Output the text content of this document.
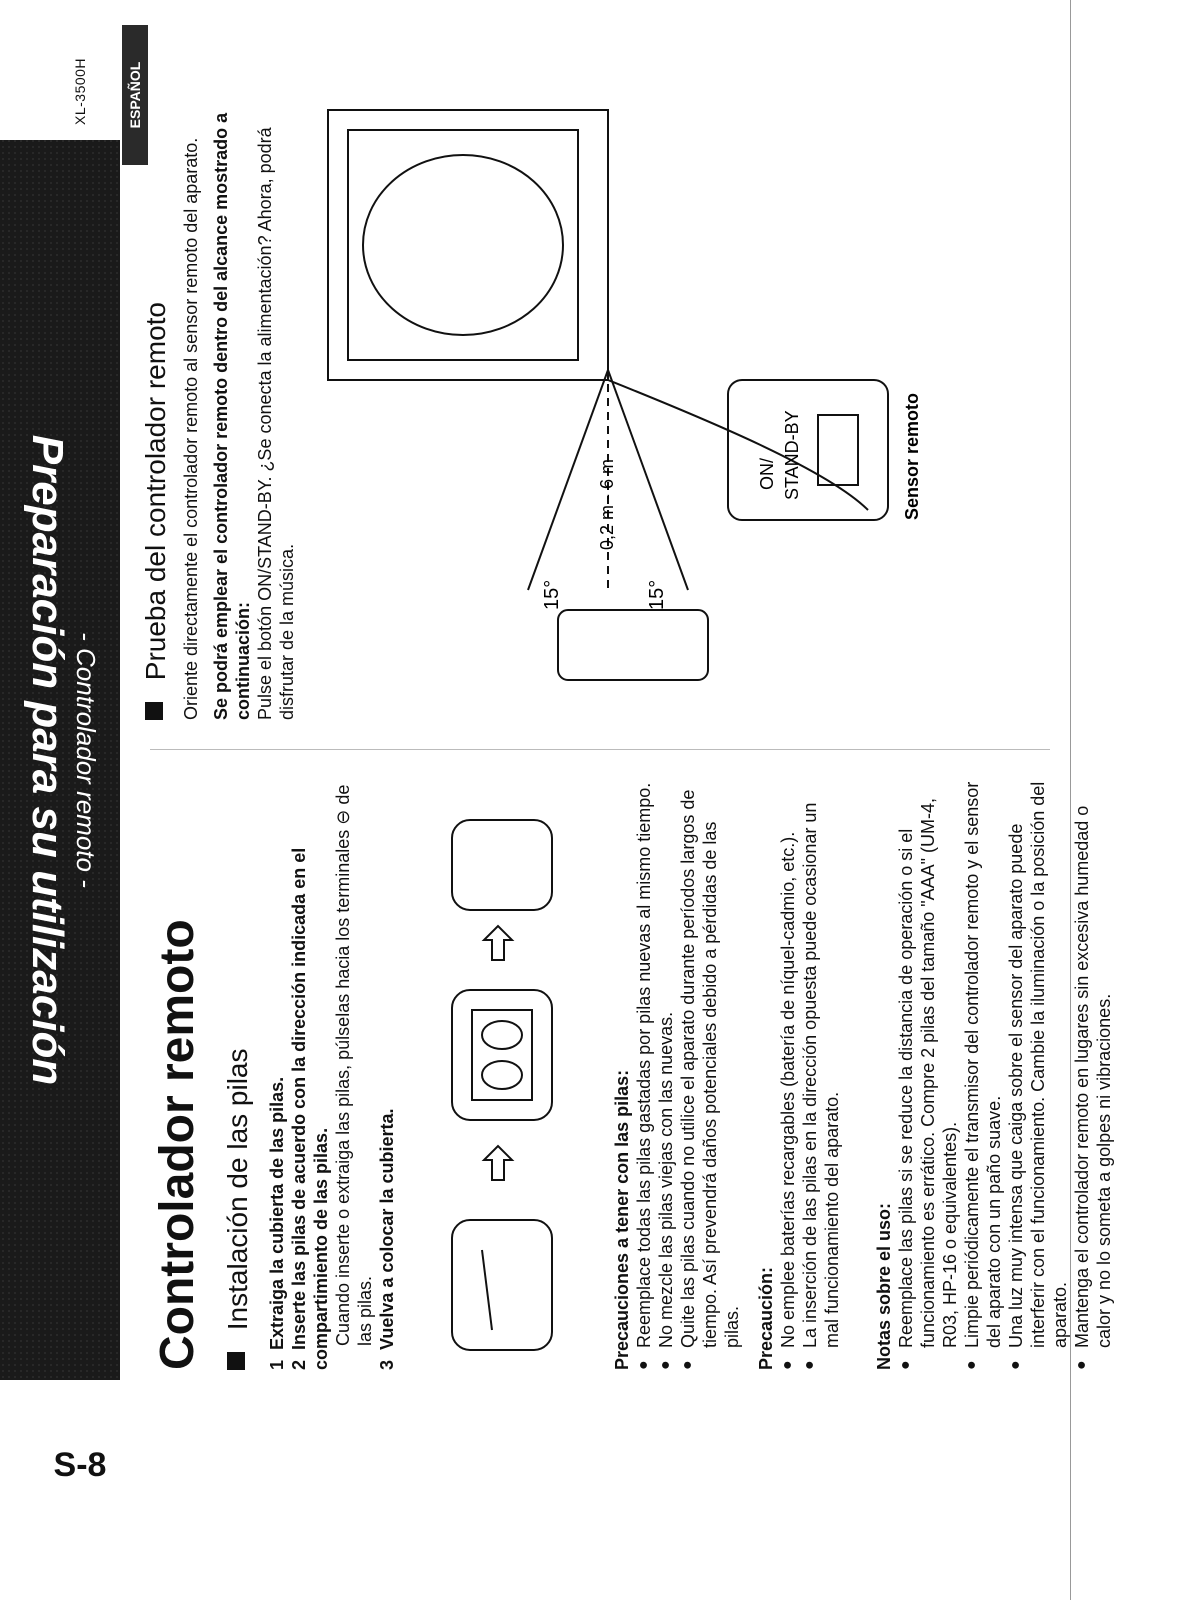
Preparación para su utilización - Controlador remoto -
S-8
ESPAÑOL
XL-3500H
Controlador remoto Instalación de las pilas
1  Extraiga la cubierta de las pilas.
2  Inserte las pilas de acuerdo con la dirección indicada en el compartimiento de las pilas. Cuando inserte o extraiga las pilas, púlselas hacia los terminales ⊖ de las pilas.
3  Vuelva a colocar la cubierta.	Precauciones a tener con las pilas: ● Reemplace todas las pilas gastadas por pilas nuevas al mismo tiempo. ● No mezcle las pilas viejas con las nuevas. ● Quite las pilas cuando no utilice el aparato durante períodos largos de tiempo. Así prevendrá daños potenciales debido a pérdidas de las pilas. Precaución: ● No emplee baterías recargables (batería de níquel-cadmio, etc.). ● La inserción de las pilas en la dirección opuesta puede ocasionar un mal funcionamiento del aparato. Notas sobre el uso: ● Reemplace las pilas si se reduce la distancia de operación o si el funcionamiento es errático. Compre 2 pilas del tamaño "AAA" (UM-4, R03, HP-16 o equivalentes). ● Limpie periódicamente el transmisor del controlador remoto y el sensor del aparato con un paño suave. ● Una luz muy intensa que caiga sobre el sensor del aparato puede interferir con el funcionamiento. Cambie la iluminación o la posición del aparato. ● Mantenga el controlador remoto en lugares sin excesiva humedad o calor y no lo someta a golpes ni vibraciones.
Prueba del controlador remoto Oriente directamente el controlador remoto al sensor remoto del aparato. Se podrá emplear el controlador remoto dentro del alcance mostrado a continuación: Pulse el botón ON/STAND-BY. ¿Se conecta la alimentación? Ahora, podrá disfrutar de la música.
Sensor remoto
0,2 m - 6 m
15°
15°
ON/ STAND-BY
